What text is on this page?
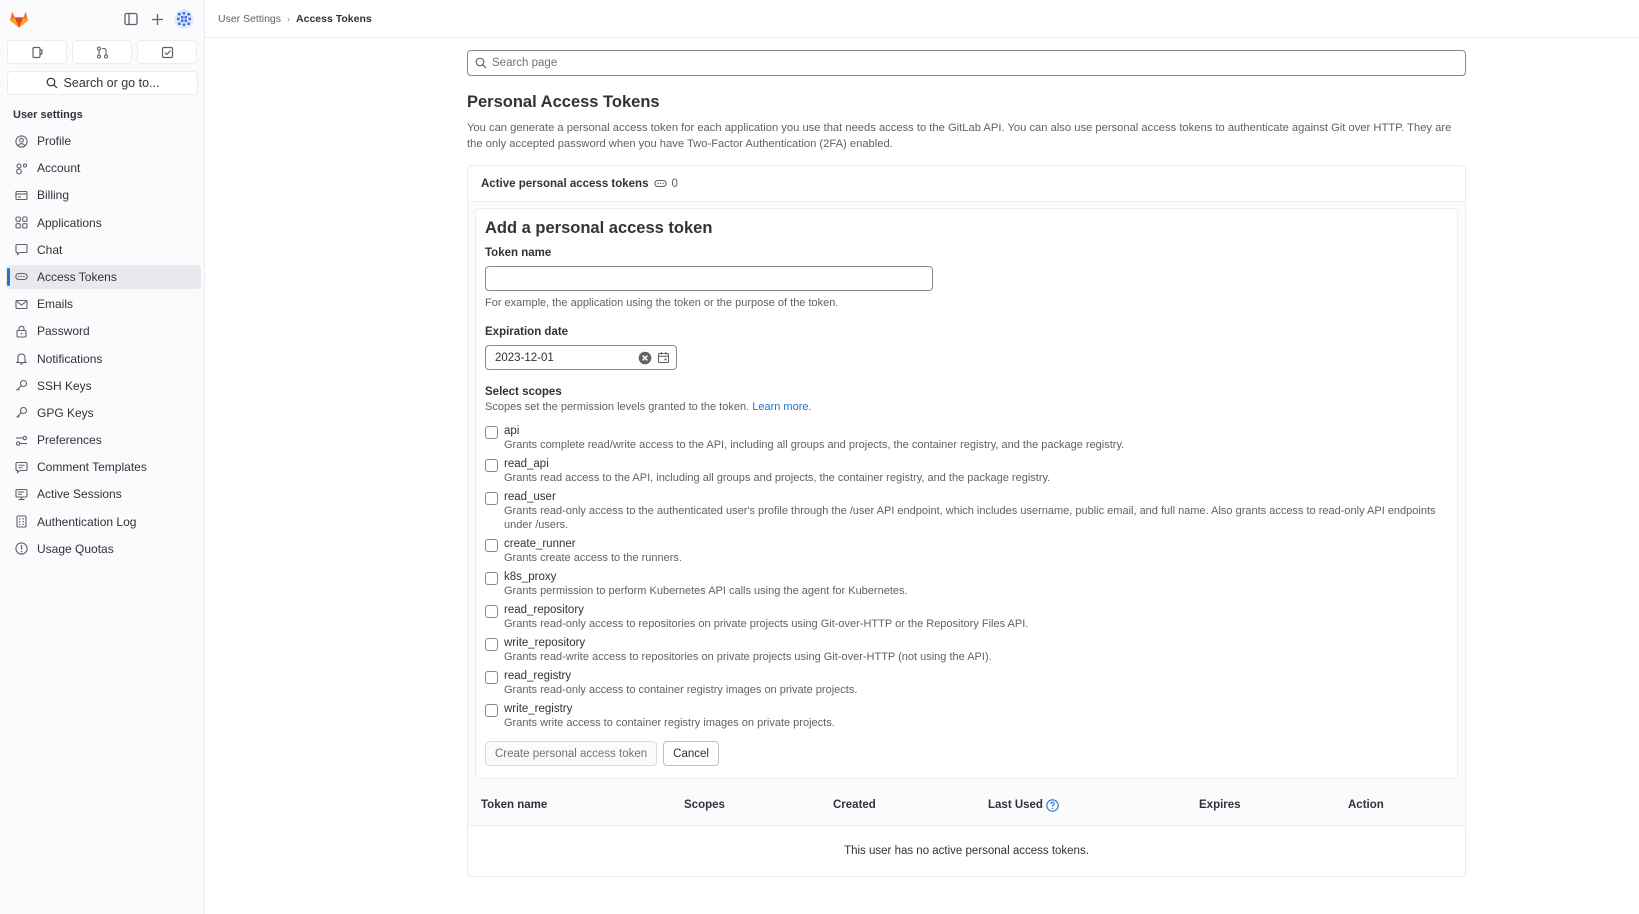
Search or go to...
User settings
Profile
Account
Billing
Applications
Chat
Access Tokens
Emails
Password
Notifications
SSH Keys
GPG Keys
Preferences
Comment Templates
Active Sessions
Authentication Log
Usage Quotas
User Settings › Access Tokens
Search page
Personal Access Tokens

You can generate a personal access token for each application you use that needs access to the GitLab API. You can also use personal access tokens to authenticate against Git over HTTP. They are the only accepted password when you have Two-Factor Authentication (2FA) enabled.

Active personal access tokens 0
Add a personal access token
Token name
For example, the application using the token or the purpose of the token.
Expiration date
2023-12-01
Select scopes
Scopes set the permission levels granted to the token. Learn more.
api
Grants complete read/write access to the API, including all groups and projects, the container registry, and the package registry.
read_api
Grants read access to the API, including all groups and projects, the container registry, and the package registry.
read_user
Grants read-only access to the authenticated user's profile through the /user API endpoint, which includes username, public email, and full name. Also grants access to read-only API endpoints under /users.
create_runner
Grants create access to the runners.
k8s_proxy
Grants permission to perform Kubernetes API calls using the agent for Kubernetes.
read_repository
Grants read-only access to repositories on private projects using Git-over-HTTP or the Repository Files API.
write_repository
Grants read-write access to repositories on private projects using Git-over-HTTP (not using the API).
read_registry
Grants read-only access to container registry images on private projects.
write_registry
Grants write access to container registry images on private projects.
Create personal access token	Cancel
Token name	Scopes	Created	Last Used	Expires	Action
This user has no active personal access tokens.
